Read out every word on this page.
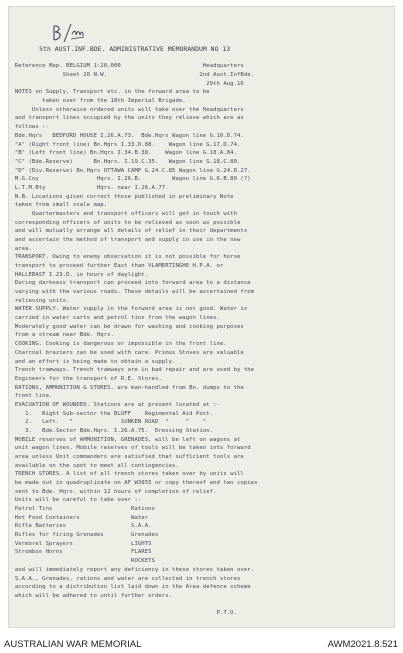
5th AUST.INF.BDE. ADMINISTRATIVE MEMORANDUM NO 13

Reference Map. BELGIUM 1:20,000                        Headquarters

Sheet 28 N.W.                           2nd Aust.InfBde.

29th Aug.16

NOTES on Supply, Transport etc. in the forward area to be

taken over from the 18th Imperial Brigade.

Unless otherwise ordered units will take over the Headquarters

and transport lines occupied by the units they relieve which are as

follows :-

Bde.Hqrs   BEDFORD HOUSE I.26.A.73.  Bde.Hqrs Wagon line G.10.D.74.

"A" (Right front line) Bn.Hqrs I.33.D.88.    Wagon line G.17.D.74.

"B" (Left front line) Bn.Hqrs I.34.B.38.    Wagon line G.18.A.84.

"C" (Bde.Reserve)      Bn.Hqrs. I.19.C.35.   Wagon line G.18.C.80.

"D" (Div.Reserve) Bn.Hqrs OTTAWA CAMP G.24.C.85 Wagon line G.24.D.27.

M.G.Coy                 Hqrs. I.26.B.         Wagon line G.6.B.80 (?)

L.T.M.Bty               Hqrs. near I.26.A.77.

N.B. Locations given correct those published in preliminary Note

taken from small scale map.

Quartermasters and transport officers will get in touch with

corresponding officers of units to be relieved as soon as possible

and will mutually arrange all details of relief in their departments

and ascertain the method of transport and supply in use in the new

area.

TRANSPORT. Owing to enemy observation it is not possible for horse

transport to proceed further East than VLAMERTINGHE H.P.A. or

HALLEBAST I.23.D. in hours of daylight.

During darkness transport can proceed into forward area to a distance

varying with the various roads. These details will be ascertained from

relieving units.

WATER SUPPLY. Water supply in the forward area is not good. Water is

carried in water carts and petrol tins from the wagon lines.

Moderately good water can be drawn for washing and cooking purposes

from a stream near Bde. Hqrs.

COOKING. Cooking is dangerous or impossible in the front line.

Charcoal braziers can be used with care. Primus Stoves are valuable

and an effort is being made to obtain a supply.

Trench tramways. Trench tramways are in bad repair and are used by the

Engineers for the transport of R.E. Stores.

RATIONS, AMMUNITION & STORES. are man-handled from Bn. dumps to the

front line.

EVACUATION OF WOUNDED. Stations are at present located at :-

1.   Right Sub-sector the BLUFF    Regimental Aid Post.

2.   Left.   "              SUNKEN ROAD  "     "    "

3.   Bde.Sector Bde.Hqrs. I.26.A.75.  Dressing Station.

MOBILE reserves of AMMUNITION, GRENADES, will be left on wagons at

unit wagon lines. Mobile reserves of tools will be taken into forward

area unless Unit commanders are satisfied that sufficient tools are

available on the spot to meet all contingencies.

TRENCH STORES. A list of all trench stores taken over by units will

be made out in quadruplicate on AF W3855 or copy thereof and two copies

sent to Bde. Hqrs. within 12 hours of completion of relief.

Units will be careful to take over :-

Petrol Tins                       Rations

Hot Food Containers               Water

Rifle Batteries                   S.A.A.

Rifles for firing Grenades        Grenades

Vermorel Sprayers                 LIGHTS

Strombos Horns                    FLARES

ROCKETS

and will immediately report any deficiency in these stores taken over.

S.A.A., Grenades, rations and water are collected in trench stores

according to a distribution list laid down in the Area defence scheme

which will be adhered to until further orders.

P.T.O.

AUSTRALIAN WAR MEMORIAL	AWM2021.8.521
